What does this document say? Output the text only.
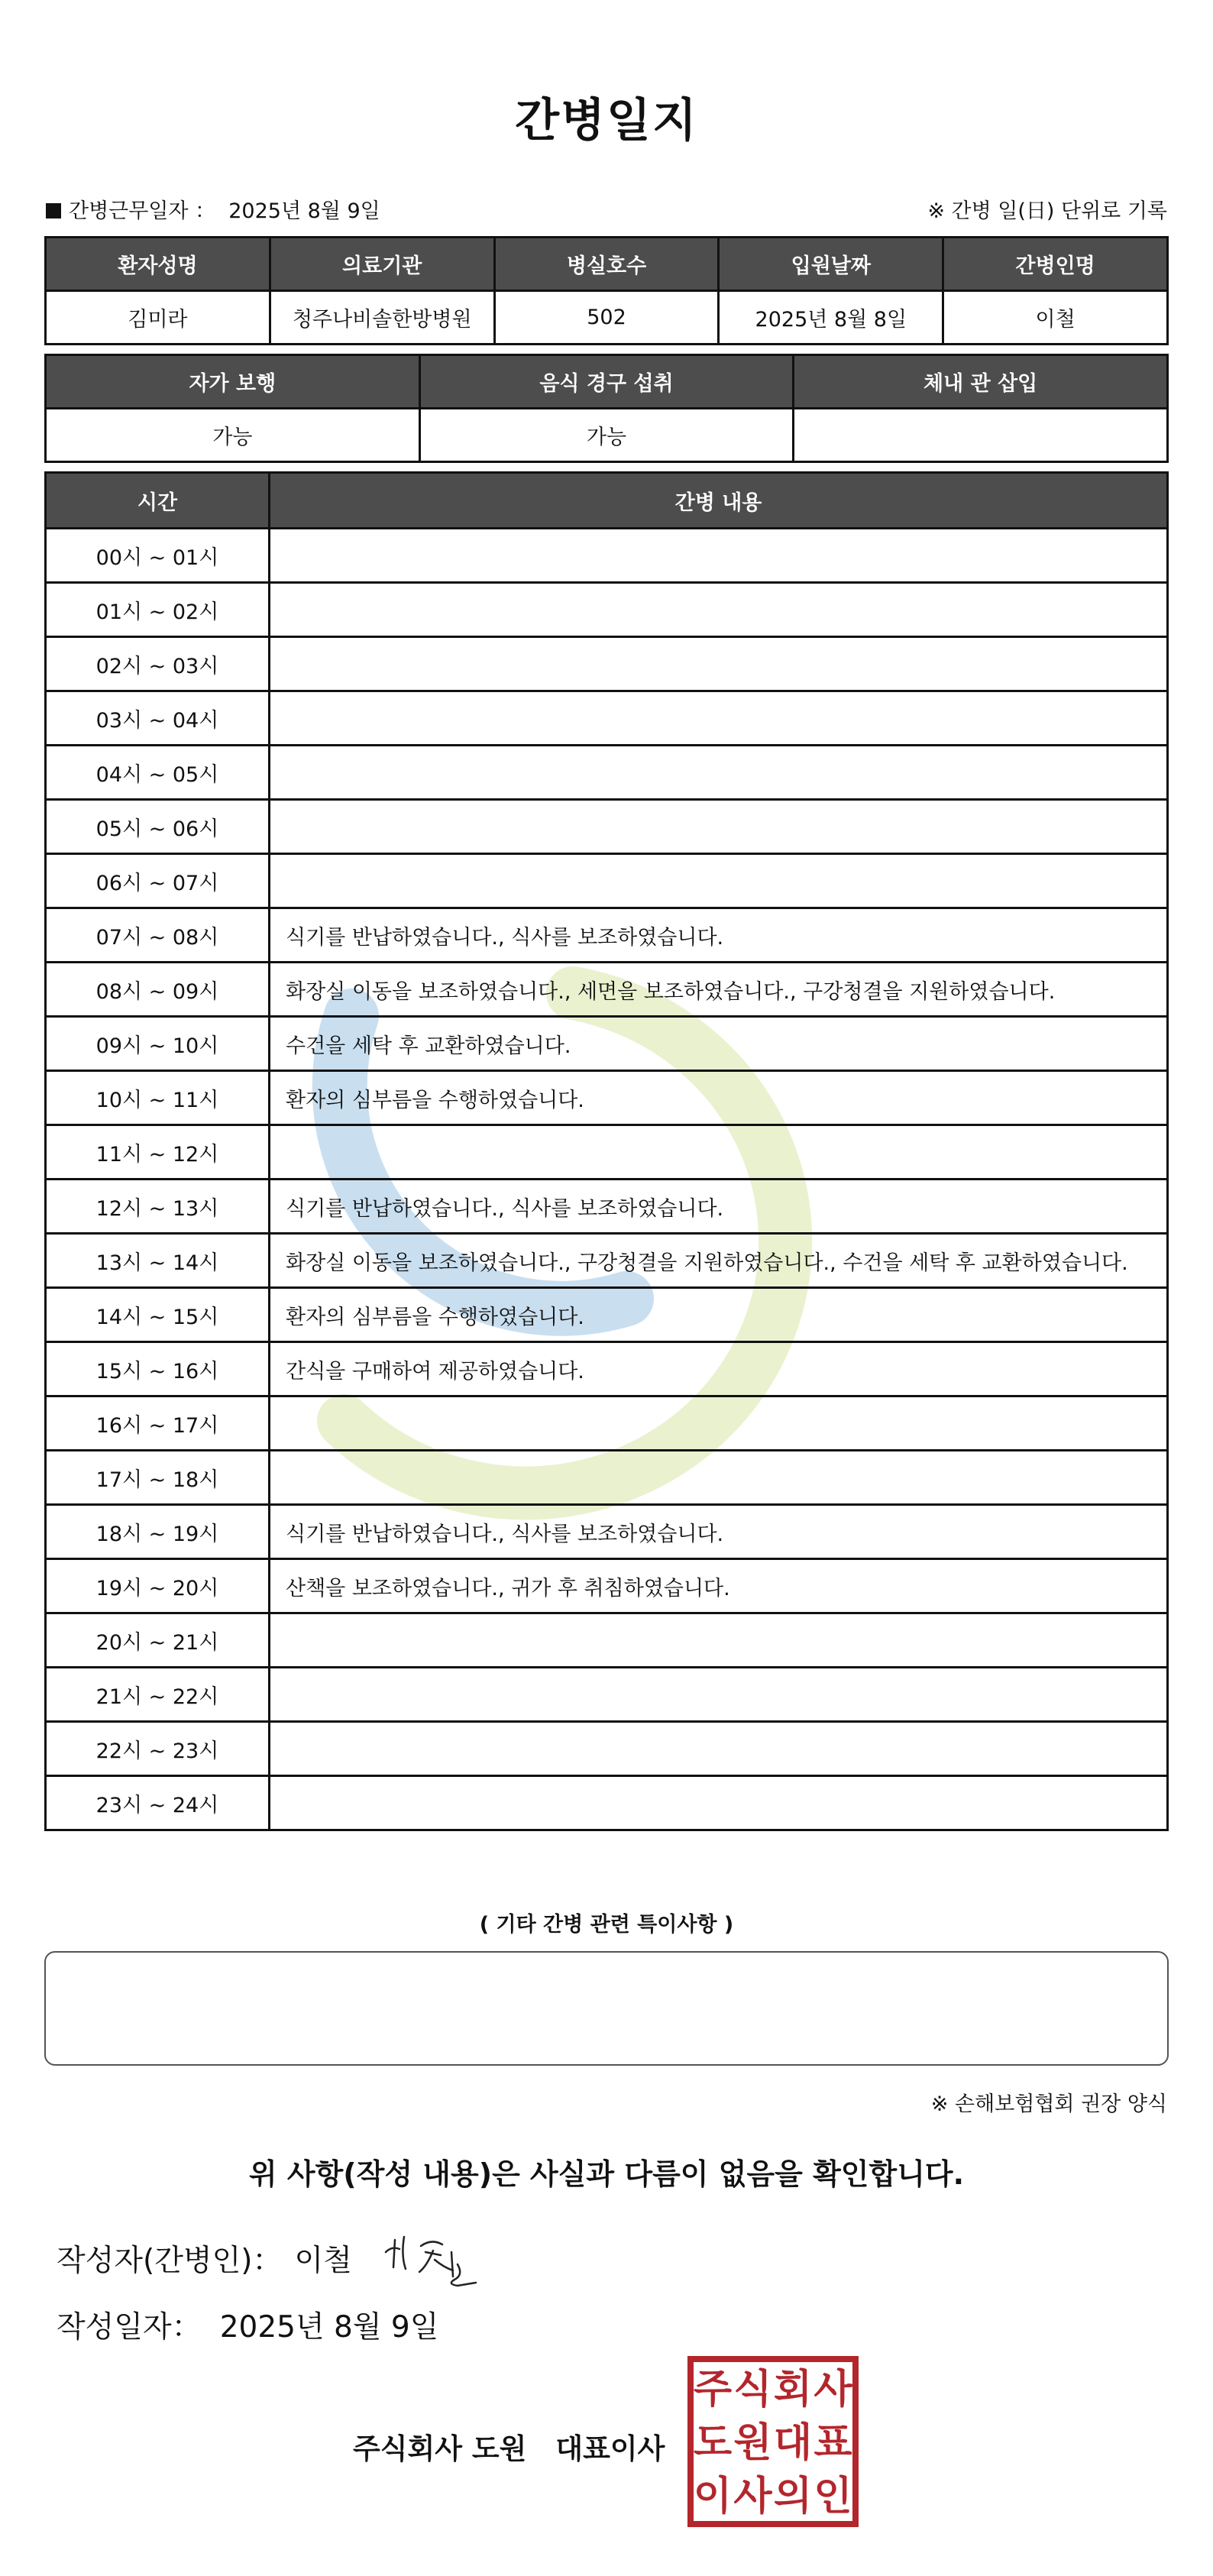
간병일지
간병근무일자 ： 2025년 8월 9일	※ 간병 일(日) 단위로 기록
환자성명	의료기관	병실호수	입원날짜	간병인명
김미라	청주나비솔한방병원	502	2025년 8월 8일	이철
자가 보행	음식 경구 섭취	체내 관 삽입
가능	가능	
시간	간병 내용
00시 ~ 01시	
01시 ~ 02시	
02시 ~ 03시	
03시 ~ 04시	
04시 ~ 05시	
05시 ~ 06시	
06시 ~ 07시	
07시 ~ 08시	식기를 반납하였습니다., 식사를 보조하였습니다.
08시 ~ 09시	화장실 이동을 보조하였습니다., 세면을 보조하였습니다., 구강청결을 지원하였습니다.
09시 ~ 10시	수건을 세탁 후 교환하였습니다.
10시 ~ 11시	환자의 심부름을 수행하였습니다.
11시 ~ 12시	
12시 ~ 13시	식기를 반납하였습니다., 식사를 보조하였습니다.
13시 ~ 14시	화장실 이동을 보조하였습니다., 구강청결을 지원하였습니다., 수건을 세탁 후 교환하였습니다.
14시 ~ 15시	환자의 심부름을 수행하였습니다.
15시 ~ 16시	간식을 구매하여 제공하였습니다.
16시 ~ 17시	
17시 ~ 18시	
18시 ~ 19시	식기를 반납하였습니다., 식사를 보조하였습니다.
19시 ~ 20시	산책을 보조하였습니다., 귀가 후 취침하였습니다.
20시 ~ 21시	
21시 ~ 22시	
22시 ~ 23시	
23시 ~ 24시	
( 기타 간병 관련 특이사항 )
※ 손해보험협회 권장 양식
위 사항(작성 내용)은 사실과 다름이 없음을 확인합니다.
작성자(간병인)： 이철
작성일자： 2025년 8월 9일
주식회사 도원 대표이사
주 식 회 사
도 원 대 표
이 사 의 인
